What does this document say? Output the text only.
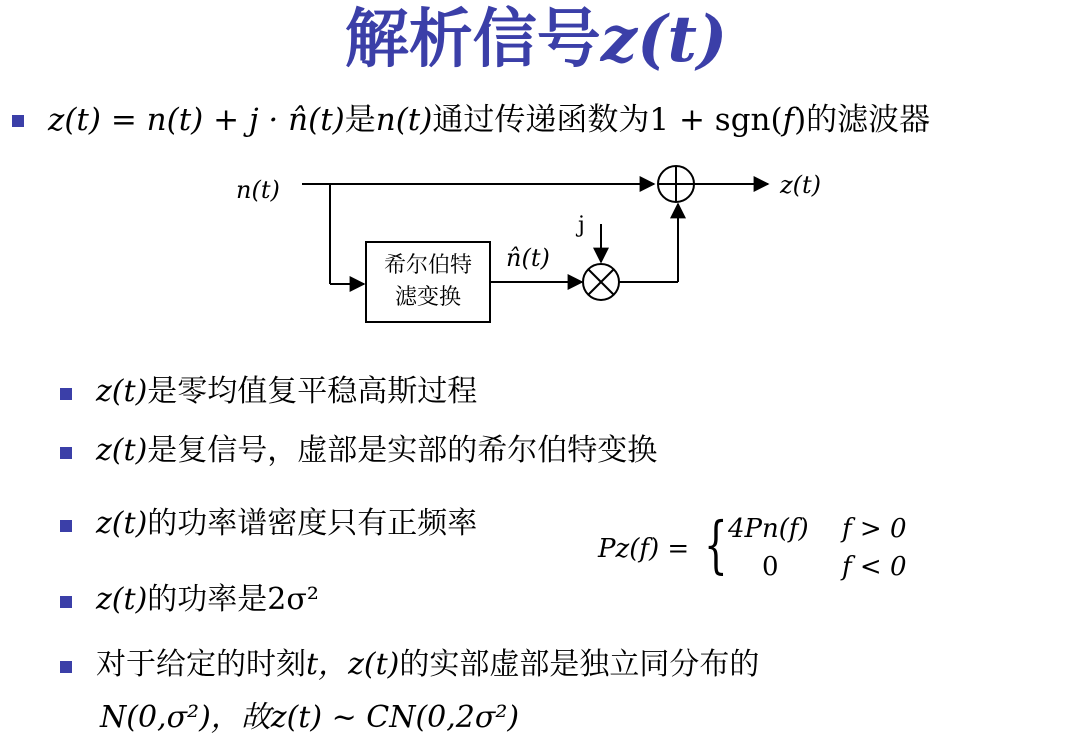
解析信号z(t)
z(t) = n(t) + j · n̂(t)是n(t)通过传递函数为1 + sgn(f)的滤波器
n(t)
希尔伯特
滤变换
n̂(t)
j
z(t)
z(t)是零均值复平稳高斯过程
z(t)是复信号，虚部是实部的希尔伯特变换
z(t)的功率谱密度只有正频率
z(t)的功率是2σ²
对于给定的时刻t，z(t)的实部虚部是独立同分布的
N(0,σ²)，故z(t) ~ CN(0,2σ²)
Pz(f) = { 4Pn(f) f > 0
0 f < 0
